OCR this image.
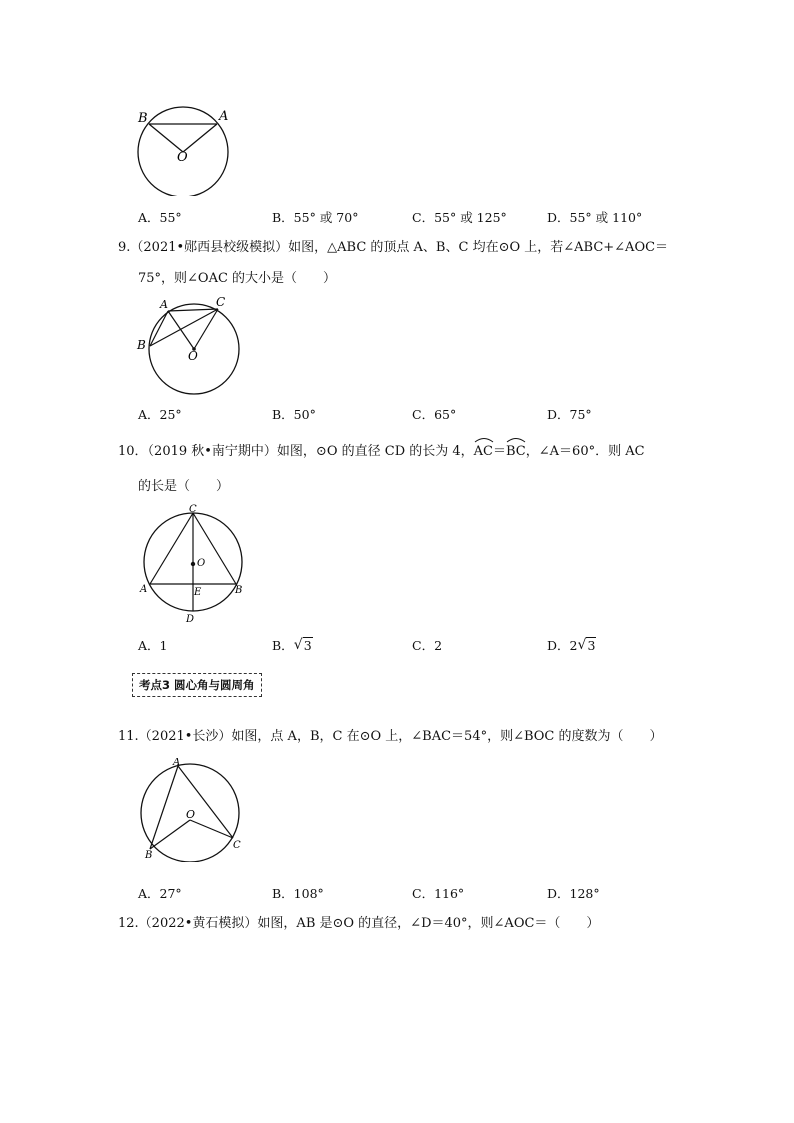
B	A
O
A．55°	B．55° 或 70°	C．55° 或 125°	D．55° 或 110°
9.（2021•郧西县校级模拟）如图，△ABC 的顶点 A、B、C 均在⊙O 上，若∠ABC+∠AOC＝
75°，则∠OAC 的大小是（　　）
A	C
B
O
A．25°	B．50°	C．65°	D．75°
10．（2019 秋•南宁期中）如图，⊙O 的直径 CD 的长为 4，
AC＝
BC，∠A＝60°．则 AC
的长是（　　）
C
O
A	E	B
D
A．1	B． √ 3	C．2	D．2 √ 3
考点3 圆心角与圆周角
11.（2021•长沙）如图，点 A，B，C 在⊙O 上，∠BAC＝54°，则∠BOC 的度数为（　　）
A
O
B
C
A．27°	B．108°	C．116°	D．128°
12.（2022•黄石模拟）如图，AB 是⊙O 的直径，∠D＝40°，则∠AOC＝（　　）
